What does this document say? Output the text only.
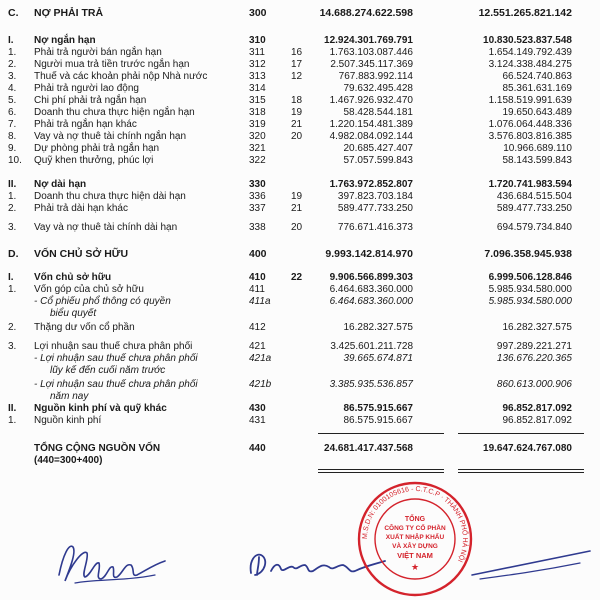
C. NỢ PHẢI TRẢ	300	14.688.274.622.598	12.551.265.821.142
I. Nợ ngắn hạn	310	12.924.301.769.791	10.830.523.837.548
1. Phải trả người bán ngắn hạn	311	16	1.763.103.087.446	1.654.149.792.439
2. Người mua trả tiền trước ngắn hạn	312	17	2.507.345.117.369	3.124.338.484.275
3. Thuế và các khoản phải nộp Nhà nước	313	12	767.883.992.114	66.524.740.863
4. Phải trả người lao động	314	79.632.495.428	85.361.631.169
5. Chi phí phải trả ngắn hạn	315	18	1.467.926.932.470	1.158.519.991.639
6. Doanh thu chưa thực hiện ngắn hạn	318	19	58.428.544.181	19.650.643.489
7. Phải trả ngắn hạn khác	319	21	1.220.154.481.389	1.076.064.448.336
8. Vay và nợ thuê tài chính ngắn hạn	320	20	4.982.084.092.144	3.576.803.816.385
9. Dự phòng phải trả ngắn hạn	321	20.685.427.407	10.966.689.110
10. Quỹ khen thưởng, phúc lợi	322	57.057.599.843	58.143.599.843
II. Nợ dài hạn	330	1.763.972.852.807	1.720.741.983.594
1. Doanh thu chưa thực hiện dài hạn	336	19	397.823.703.184	436.684.515.504
2. Phải trả dài hạn khác	337	21	589.477.733.250	589.477.733.250
3. Vay và nợ thuê tài chính dài hạn	338	20	776.671.416.373	694.579.734.840
D. VỐN CHỦ SỞ HỮU	400	9.993.142.814.970	7.096.358.945.938
I. Vốn chủ sở hữu	410	22	9.906.566.899.303	6.999.506.128.846
1. Vốn góp của chủ sở hữu	411	6.464.683.360.000	5.985.934.580.000
- Cổ phiếu phổ thông có quyền	411a	6.464.683.360.000	5.985.934.580.000
biểu quyết
2. Thặng dư vốn cổ phần	412	16.282.327.575	16.282.327.575
3. Lợi nhuận sau thuế chưa phân phối	421	3.425.601.211.728	997.289.221.271
- Lợi nhuận sau thuế chưa phân phối	421a	39.665.674.871	136.676.220.365
lũy kế đến cuối năm trước
- Lợi nhuận sau thuế chưa phân phối	421b	3.385.935.536.857	860.613.000.906
năm nay
II. Nguồn kinh phí và quỹ khác	430	86.575.915.667	96.852.817.092
1. Nguồn kinh phí	431	86.575.915.667	96.852.817.092
TỔNG CỘNG NGUỒN VỐN	440	24.681.417.437.568	19.647.624.767.080
(440=300+400)
M.S.D.N: 0100105616 - C.T.C.P · THÀNH PHỐ HÀ NỘI
TỔNG
CÔNG TY CỔ PHẦN
XUẤT NHẬP KHẨU
VÀ XÂY DỰNG
VIỆT NAM
★
